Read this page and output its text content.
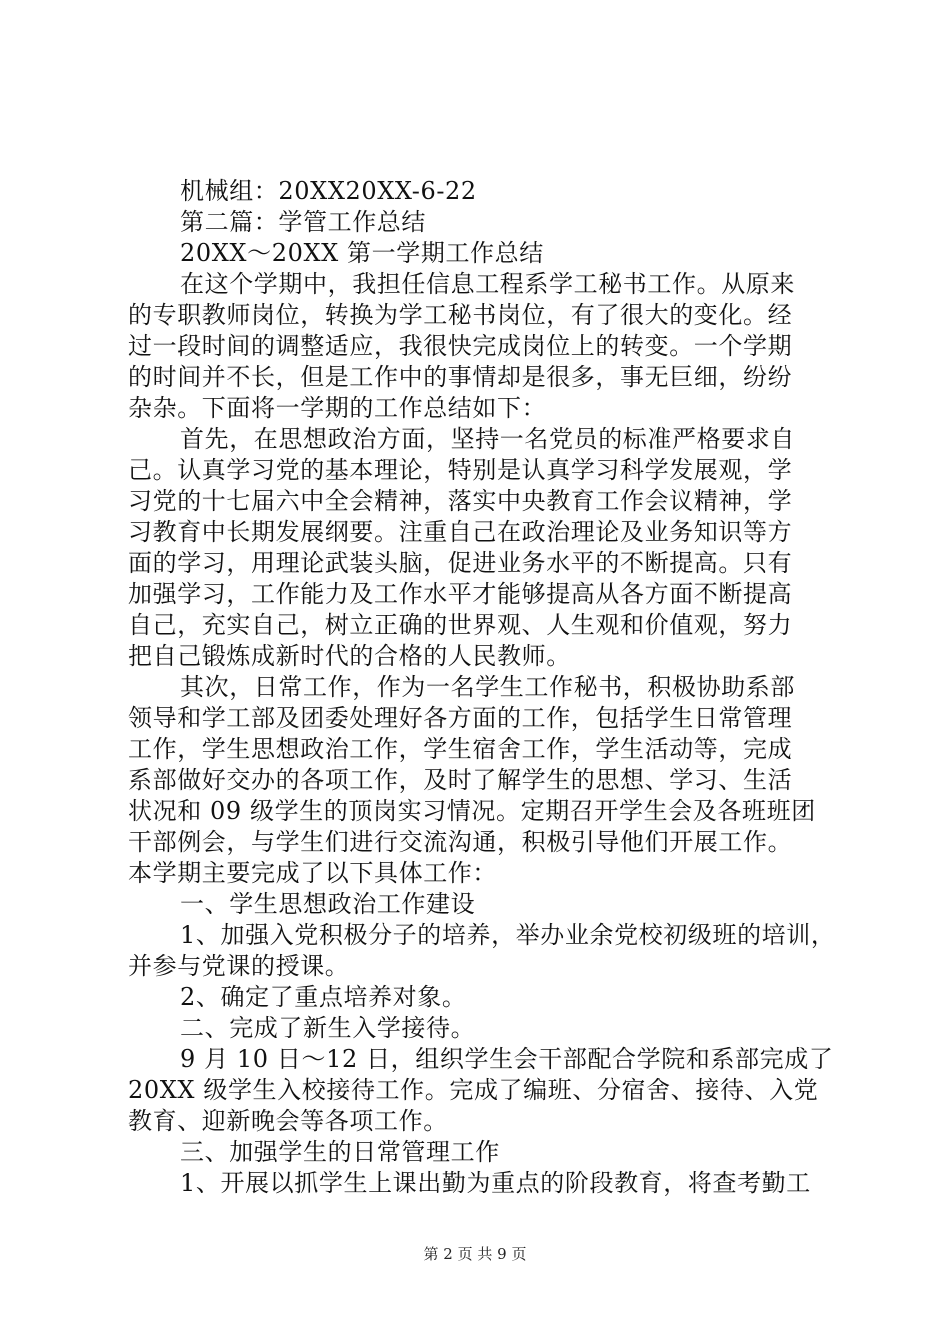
机械组：20XX20XX-6-22
第二篇：学管工作总结
20XX～20XX 第一学期工作总结
在这个学期中，我担任信息工程系学工秘书工作。从原来
的专职教师岗位，转换为学工秘书岗位，有了很大的变化。经
过一段时间的调整适应，我很快完成岗位上的转变。一个学期
的时间并不长，但是工作中的事情却是很多，事无巨细，纷纷
杂杂。下面将一学期的工作总结如下：
首先，在思想政治方面，坚持一名党员的标准严格要求自
己。认真学习党的基本理论，特别是认真学习科学发展观，学
习党的十七届六中全会精神，落实中央教育工作会议精神，学
习教育中长期发展纲要。注重自己在政治理论及业务知识等方
面的学习，用理论武装头脑，促进业务水平的不断提高。只有
加强学习，工作能力及工作水平才能够提高从各方面不断提高
自己，充实自己，树立正确的世界观、人生观和价值观，努力
把自己锻炼成新时代的合格的人民教师。
其次，日常工作，作为一名学生工作秘书，积极协助系部
领导和学工部及团委处理好各方面的工作，包括学生日常管理
工作，学生思想政治工作，学生宿舍工作，学生活动等，完成
系部做好交办的各项工作，及时了解学生的思想、学习、生活
状况和 09 级学生的顶岗实习情况。定期召开学生会及各班班团
干部例会，与学生们进行交流沟通，积极引导他们开展工作。
本学期主要完成了以下具体工作：
一、学生思想政治工作建设
1、加强入党积极分子的培养，举办业余党校初级班的培训，
并参与党课的授课。
2、确定了重点培养对象。
二、完成了新生入学接待。
9 月 10 日～12 日，组织学生会干部配合学院和系部完成了
20XX 级学生入校接待工作。完成了编班、分宿舍、接待、入党
教育、迎新晚会等各项工作。
三、加强学生的日常管理工作
1、开展以抓学生上课出勤为重点的阶段教育，将查考勤工
第 2 页 共 9 页
